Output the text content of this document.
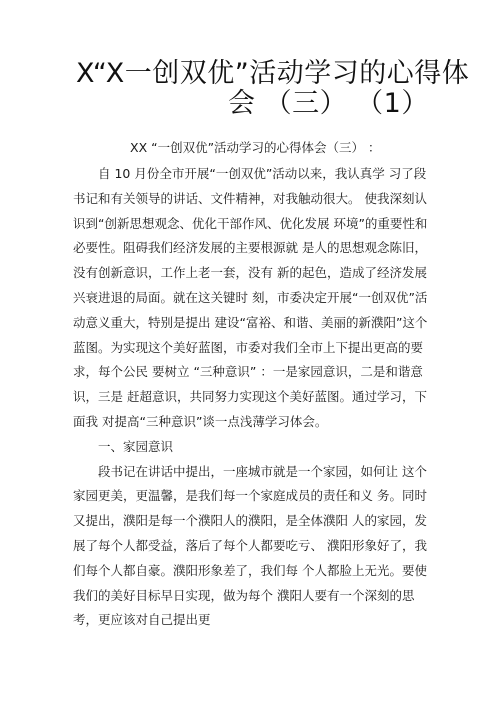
X“X一创双优”活动学习的心得体
会 （三） （1）
XX “一创双优”活动学习的心得体会（三） ：

自 10 月份全市开展“一创双优”活动以来，我认真学 习了段书记和有关领导的讲话、文件精神，对我触动很大。 使我深刻认识到“创新思想观念、优化干部作风、优化发展 环境”的重要性和必要性。阻碍我们经济发展的主要根源就 是人的思想观念陈旧，没有创新意识，工作上老一套，没有 新的起色，造成了经济发展兴衰进退的局面。就在这关键时 刻，市委决定开展“一创双优”活动意义重大，特别是提出 建设“富裕、和谐、美丽的新濮阳”这个蓝图。为实现这个美好蓝图，市委对我们全市上下提出更高的要求，每个公民 要树立 “三种意识” ：一是家园意识，二是和谐意识，三是 赶超意识，共同努力实现这个美好蓝图。通过学习，下面我 对提高“三种意识”谈一点浅薄学习体会。

一、家园意识

段书记在讲话中提出，一座城市就是一个家园，如何让 这个家园更美，更温馨，是我们每一个家庭成员的责任和义 务。同时又提出，濮阳是每一个濮阳人的濮阳，是全体濮阳 人的家园，发展了每个人都受益，落后了每个人都要吃亏、 濮阳形象好了，我们每个人都自豪。濮阳形象差了，我们每 个人都脸上无光。要使我们的美好目标早日实现，做为每个 濮阳人要有一个深刻的思考，更应该对自己提出更
